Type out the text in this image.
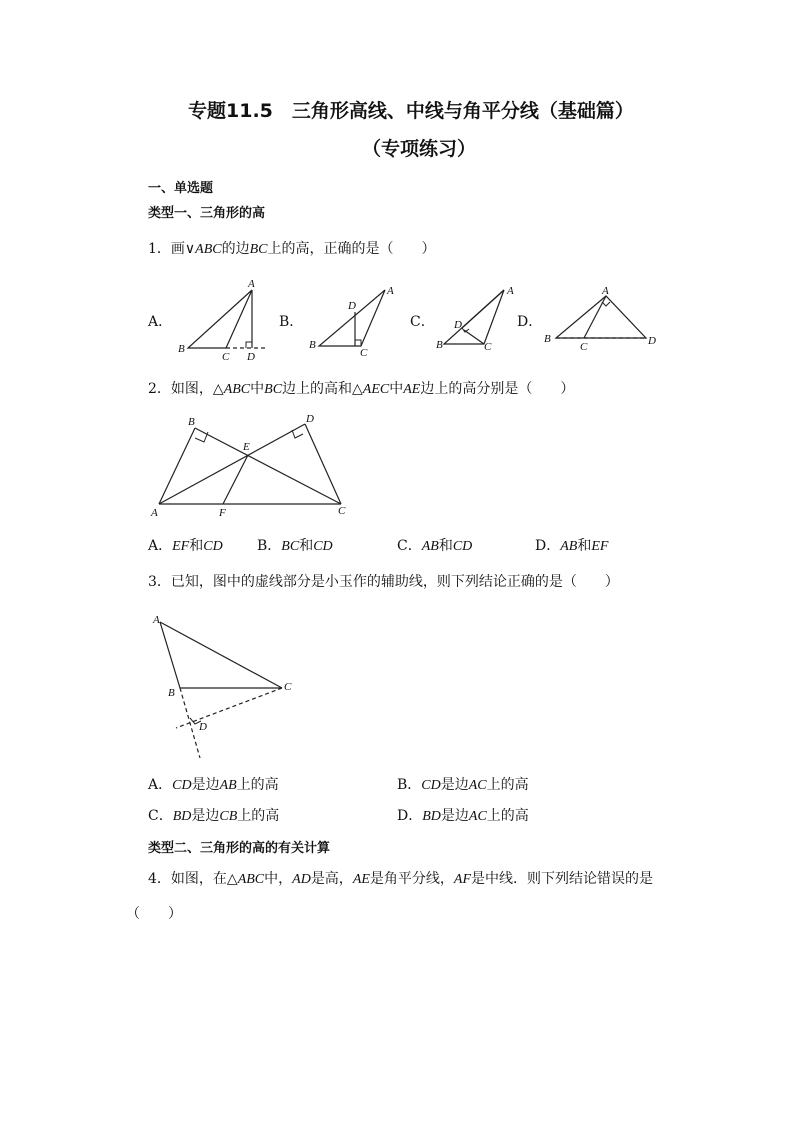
专题11.5　三角形高线、中线与角平分线（基础篇）
（专项练习）
一、单选题
类型一、三角形的高
1．画∨ABC的边BC上的高，正确的是（　　）
A．	B．	C．	D．
A
B
C D
A
D
B
C
A
D
B	C
A
B
C	D
2．如图，△ABC中BC边上的高和△AEC中AE边上的高分别是（　　）
B
E
D
A	F	C
A．EF和CD B．BC和CD	C．AB和CD	D．AB和EF
3．已知，图中的虚线部分是小玉作的辅助线，则下列结论正确的是（　　）
A
B	C
D
A．CD是边AB上的高	B．CD是边AC上的高
C．BD是边CB上的高	D．BD是边AC上的高
类型二、三角形的高的有关计算
4．如图，在△ABC中，AD是高，AE是角平分线，AF是中线．则下列结论错误的是
（　　）
